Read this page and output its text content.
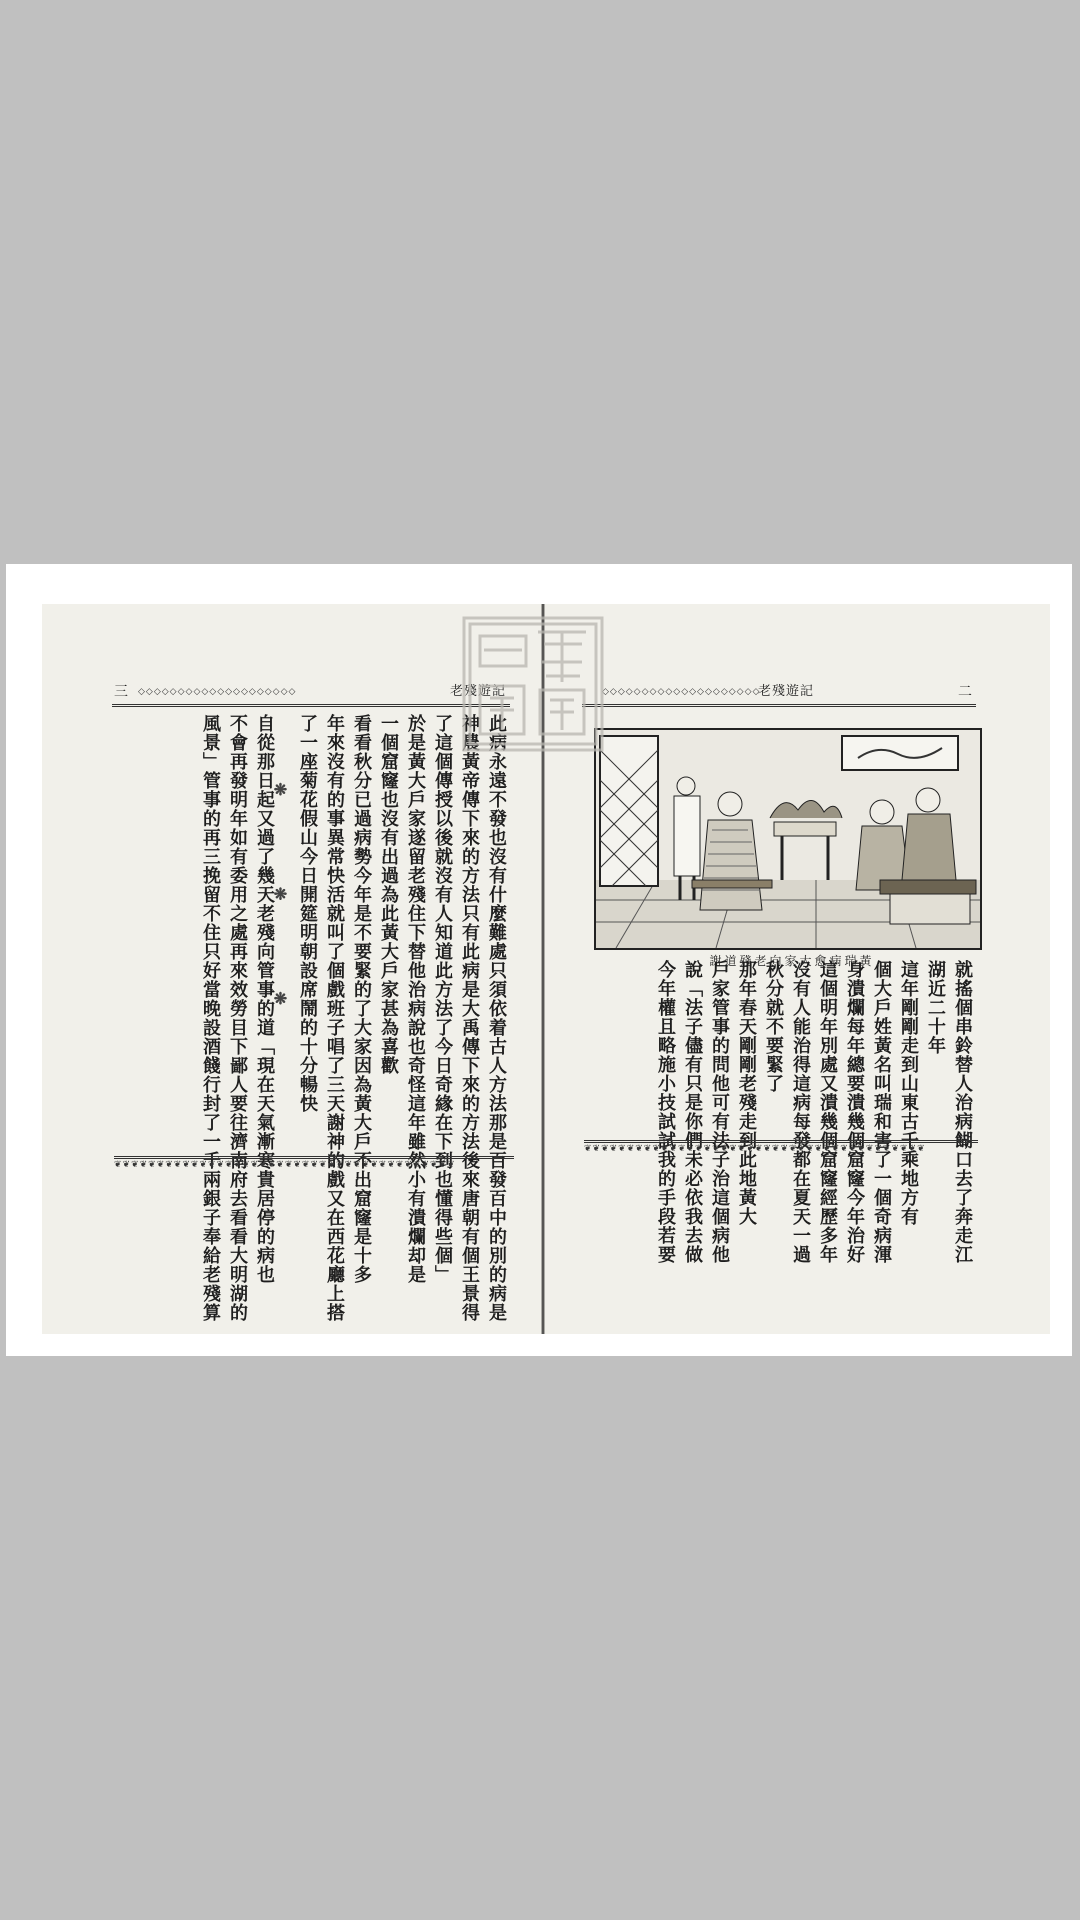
三 ◇◇◇◇◇◇◇◇◇◇◇◇◇◇◇◇◇◇◇◇	老殘遊記
此病永遠不發也沒有什麼難處只須依着古人方法那是百發百中的別的病是
神農黃帝傳下來的方法只有此病是大禹傳下來的方法後來唐朝有個王景得
了這個傳授以後就沒有人知道此方法了今日奇緣在下到也懂得些個」
於是黃大戶家遂留老殘住下替他治病說也奇怪這年雖然小有潰爛却是
一個窟窿也沒有出過為此黃大戶家甚為喜歡
看看秋分已過病勢今年是不要緊的了大家因為黃大戶不出窟窿是十多
年來沒有的事異常快活就叫了個戲班子唱了三天謝神的戲又在西花廳上搭
了一座菊花假山今日開筵明朝設席鬧的十分暢快
❋ ❋ ❋
自從那日起又過了幾天老殘向管事的道「現在天氣漸寒貴居停的病也
不會再發明年如有委用之處再來效勞目下鄙人要往濟南府去看看大明湖的
風景」管事的再三挽留不住只好當晚設酒餞行封了一千兩銀子奉給老殘算
❦❦❦❦❦❦❦❦❦❦❦❦❦❦❦❦❦❦❦❦❦❦❦❦❦❦❦❦❦❦❦❦❦❦❦❦❦❦❦❦
◇◇◇◇◇◇◇◇◇◇◇◇◇◇◇◇◇◇◇◇
老殘遊記	二
謝道殘老向家大愈病瑞黃	就搖個串鈴替人治病餬口去了奔走江
湖近二十年
這年剛剛走到山東古千乘地方有
個大戶姓黃名叫瑞和害了一個奇病渾
身潰爛每年總要潰幾個窟窿今年治好
這個明年別處又潰幾個窟窿經歷多年
沒有人能治得這病每發都在夏天一過
秋分就不要緊了
那年春天剛剛老殘走到此地黃大
戶家管事的問他可有法子治這個病他
說「法子儘有只是你們未必依我去做
今年權且略施小技試試我的手段若要
❦❦❦❦❦❦❦❦❦❦❦❦❦❦❦❦❦❦❦❦❦❦❦❦❦❦❦❦❦❦❦❦❦❦❦❦❦❦❦❦
